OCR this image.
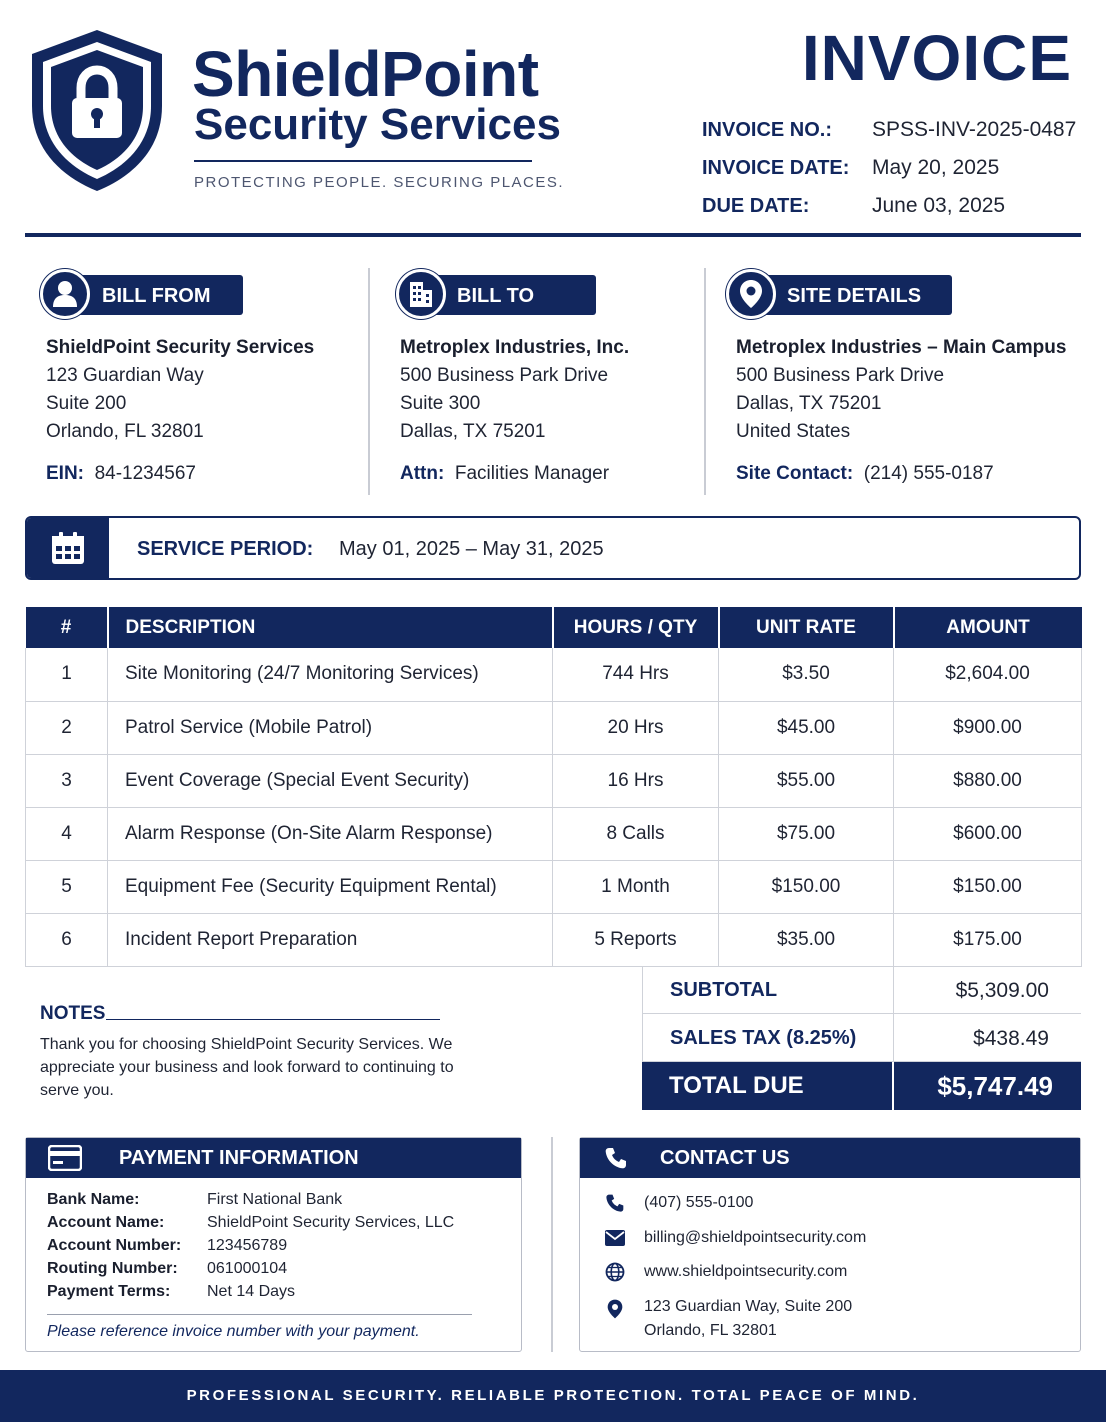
ShieldPoint
Security Services
PROTECTING PEOPLE. SECURING PLACES.
INVOICE
INVOICE NO.: SPSS-INV-2025-0487
INVOICE DATE: May 20, 2025
DUE DATE:	June 03, 2025
BILL FROM
ShieldPoint Security Services
123 Guardian Way
Suite 200
Orlando, FL 32801
EIN: 84-1234567
BILL TO
Metroplex Industries, Inc.
500 Business Park Drive
Suite 300
Dallas, TX 75201
Attn: Facilities Manager
SITE DETAILS
Metroplex Industries – Main Campus
500 Business Park Drive
Dallas, TX 75201
United States
Site Contact: (214) 555-0187
SERVICE PERIOD: May 01, 2025 – May 31, 2025
#	DESCRIPTION	HOURS / QTY	UNIT RATE	AMOUNT
1	Site Monitoring (24/7 Monitoring Services)	744 Hrs	$3.50	$2,604.00
2	Patrol Service (Mobile Patrol)	20 Hrs	$45.00	$900.00
3	Event Coverage (Special Event Security)	16 Hrs	$55.00	$880.00
4	Alarm Response (On-Site Alarm Response)	8 Calls	$75.00	$600.00
5	Equipment Fee (Security Equipment Rental)	1 Month	$150.00	$150.00
6	Incident Report Preparation	5 Reports	$35.00	$175.00
SUBTOTAL	$5,309.00
SALES TAX (8.25%)	$438.49
TOTAL DUE	$5,747.49
NOTES
Thank you for choosing ShieldPoint Security Services. We appreciate your business and look forward to continuing to serve you.
PAYMENT INFORMATION
Bank Name:	First National Bank
Account Name:	ShieldPoint Security Services, LLC
Account Number: 123456789
Routing Number: 061000104
Payment Terms: Net 14 Days
Please reference invoice number with your payment.
CONTACT US
(407) 555-0100
billing@shieldpointsecurity.com
www.shieldpointsecurity.com
123 Guardian Way, Suite 200
Orlando, FL 32801
PROFESSIONAL SECURITY. RELIABLE PROTECTION. TOTAL PEACE OF MIND.
